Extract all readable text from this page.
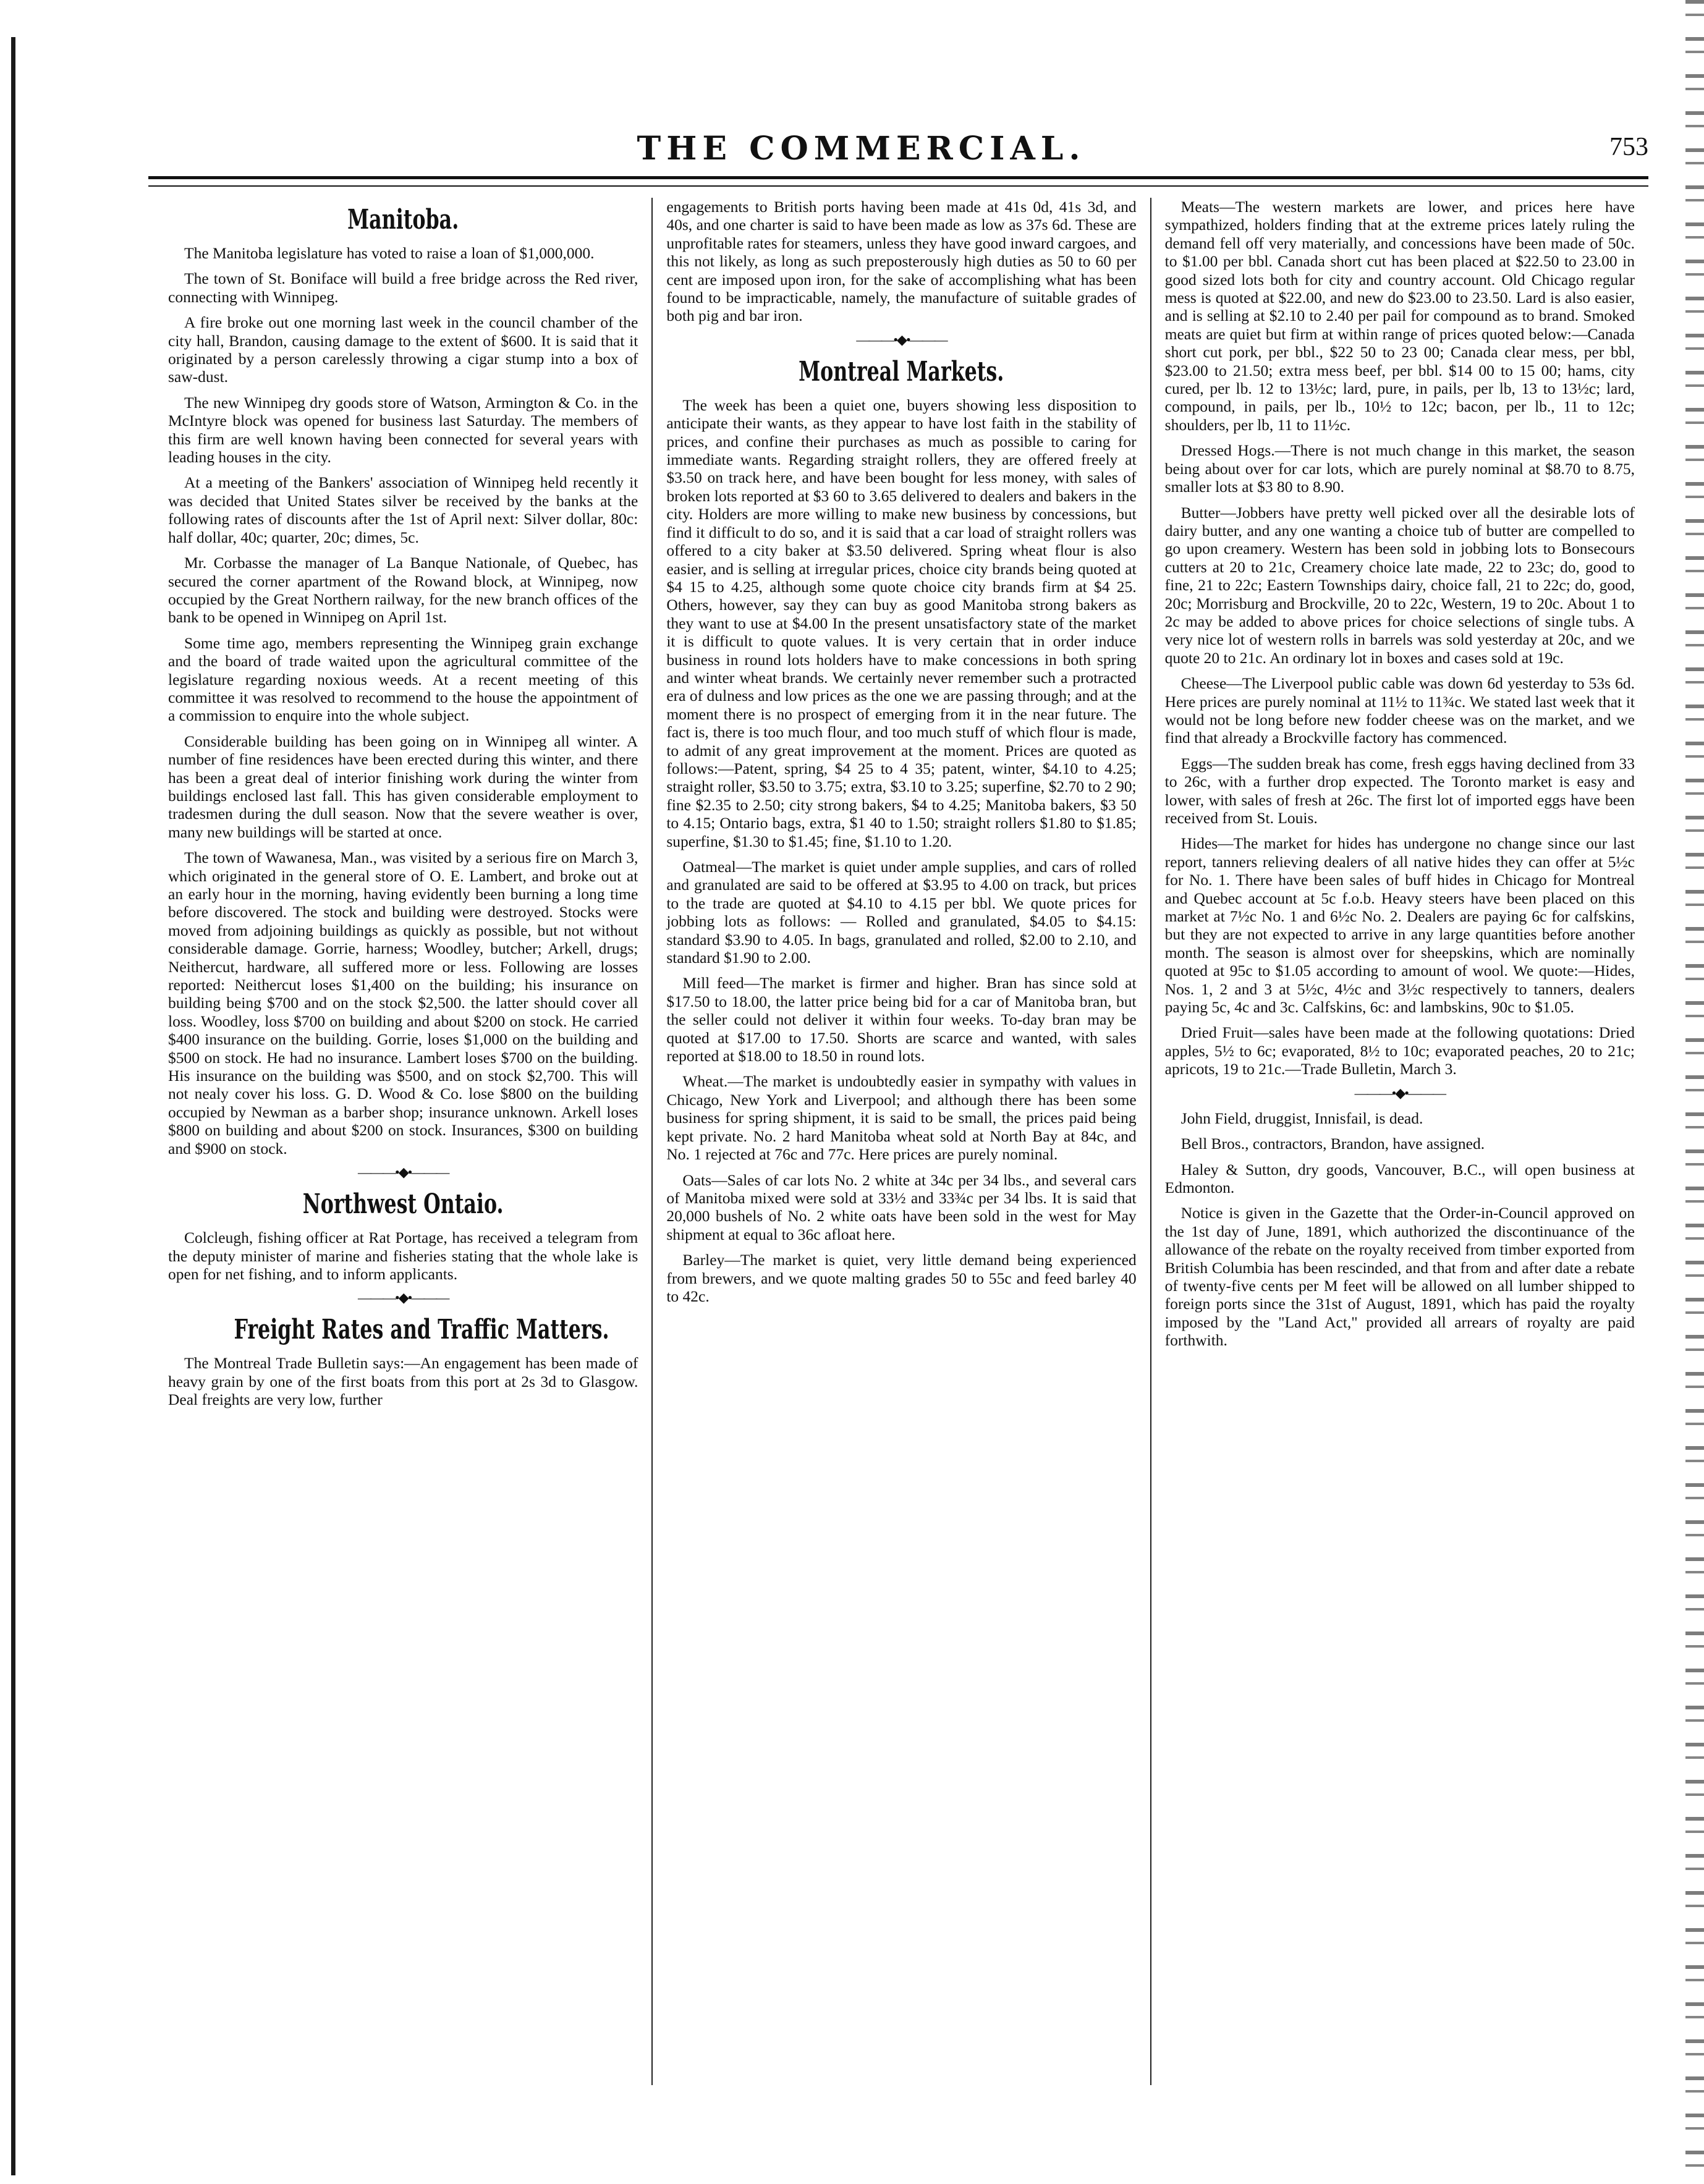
THE COMMERCIAL.	753
Manitoba.

The Manitoba legislature has voted to raise a loan of $1,000,000.

The town of St. Boniface will build a free bridge across the Red river, connecting with Winnipeg.

A fire broke out one morning last week in the council chamber of the city hall, Brandon, causing damage to the extent of $600. It is said that it originated by a person carelessly throwing a cigar stump into a box of saw-dust.

The new Winnipeg dry goods store of Watson, Armington & Co. in the McIntyre block was opened for business last Saturday. The members of this firm are well known having been connected for several years with leading houses in the city.

At a meeting of the Bankers' association of Winnipeg held recently it was decided that United States silver be received by the banks at the following rates of discounts after the 1st of April next: Silver dollar, 80c: half dollar, 40c; quarter, 20c; dimes, 5c.

Mr. Corbasse the manager of La Banque Nationale, of Quebec, has secured the corner apartment of the Rowand block, at Winnipeg, now occupied by the Great Northern railway, for the new branch offices of the bank to be opened in Winnipeg on April 1st.

Some time ago, members representing the Winnipeg grain exchange and the board of trade waited upon the agricultural committee of the legislature regarding noxious weeds. At a recent meeting of this committee it was resolved to recommend to the house the appointment of a commission to enquire into the whole subject.

Considerable building has been going on in Winnipeg all winter. A number of fine residences have been erected during this winter, and there has been a great deal of interior finishing work during the winter from buildings enclosed last fall. This has given considerable employment to tradesmen during the dull season. Now that the severe weather is over, many new buildings will be started at once.

The town of Wawanesa, Man., was visited by a serious fire on March 3, which originated in the general store of O. E. Lambert, and broke out at an early hour in the morning, having evidently been burning a long time before discovered. The stock and building were destroyed. Stocks were moved from adjoining buildings as quickly as possible, but not without considerable damage. Gorrie, harness; Woodley, butcher; Arkell, drugs; Neithercut, hardware, all suffered more or less. Following are losses reported: Neithercut loses $1,400 on the building; his insurance on building being $700 and on the stock $2,500. the latter should cover all loss. Woodley, loss $700 on building and about $200 on stock. He carried $400 insurance on the building. Gorrie, loses $1,000 on the building and $500 on stock. He had no insurance. Lambert loses $700 on the building. His insurance on the building was $500, and on stock $2,700. This will not nealy cover his loss. G. D. Wood & Co. lose $800 on the building occupied by Newman as a barber shop; insurance unknown. Arkell loses $800 on building and about $200 on stock. Insurances, $300 on building and $900 on stock.

———•◆•———
Northwest Ontaio.

Colcleugh, fishing officer at Rat Portage, has received a telegram from the deputy minister of marine and fisheries stating that the whole lake is open for net fishing, and to inform applicants.

———•◆•———
Freight Rates and Traffic Matters.

The Montreal Trade Bulletin says:—An engagement has been made of heavy grain by one of the first boats from this port at 2s 3d to Glasgow. Deal freights are very low, further

engagements to British ports having been made at 41s 0d, 41s 3d, and 40s, and one charter is said to have been made as low as 37s 6d. These are unprofitable rates for steamers, unless they have good inward cargoes, and this not likely, as long as such preposterously high duties as 50 to 60 per cent are imposed upon iron, for the sake of accomplishing what has been found to be impracticable, namely, the manufacture of suitable grades of both pig and bar iron.

———•◆•———
Montreal Markets.

The week has been a quiet one, buyers showing less disposition to anticipate their wants, as they appear to have lost faith in the stability of prices, and confine their purchases as much as possible to caring for immediate wants. Regarding straight rollers, they are offered freely at $3.50 on track here, and have been bought for less money, with sales of broken lots reported at $3 60 to 3.65 delivered to dealers and bakers in the city. Holders are more willing to make new business by concessions, but find it difficult to do so, and it is said that a car load of straight rollers was offered to a city baker at $3.50 delivered. Spring wheat flour is also easier, and is selling at irregular prices, choice city brands being quoted at $4 15 to 4.25, although some quote choice city brands firm at $4 25. Others, however, say they can buy as good Manitoba strong bakers as they want to use at $4.00 In the present unsatisfactory state of the market it is difficult to quote values. It is very certain that in order induce business in round lots holders have to make concessions in both spring and winter wheat brands. We certainly never remember such a protracted era of dulness and low prices as the one we are passing through; and at the moment there is no prospect of emerging from it in the near future. The fact is, there is too much flour, and too much stuff of which flour is made, to admit of any great improvement at the moment. Prices are quoted as follows:—Patent, spring, $4 25 to 4 35; patent, winter, $4.10 to 4.25; straight roller, $3.50 to 3.75; extra, $3.10 to 3.25; superfine, $2.70 to 2 90; fine $2.35 to 2.50; city strong bakers, $4 to 4.25; Manitoba bakers, $3 50 to 4.15; Ontario bags, extra, $1 40 to 1.50; straight rollers $1.80 to $1.85; superfine, $1.30 to $1.45; fine, $1.10 to 1.20.

Oatmeal—The market is quiet under ample supplies, and cars of rolled and granulated are said to be offered at $3.95 to 4.00 on track, but prices to the trade are quoted at $4.10 to 4.15 per bbl. We quote prices for jobbing lots as follows: — Rolled and granulated, $4.05 to $4.15: standard $3.90 to 4.05. In bags, granulated and rolled, $2.00 to 2.10, and standard $1.90 to 2.00.

Mill feed—The market is firmer and higher. Bran has since sold at $17.50 to 18.00, the latter price being bid for a car of Manitoba bran, but the seller could not deliver it within four weeks. To-day bran may be quoted at $17.00 to 17.50. Shorts are scarce and wanted, with sales reported at $18.00 to 18.50 in round lots.

Wheat.—The market is undoubtedly easier in sympathy with values in Chicago, New York and Liverpool; and although there has been some business for spring shipment, it is said to be small, the prices paid being kept private. No. 2 hard Manitoba wheat sold at North Bay at 84c, and No. 1 rejected at 76c and 77c. Here prices are purely nominal.

Oats—Sales of car lots No. 2 white at 34c per 34 lbs., and several cars of Manitoba mixed were sold at 33½ and 33¾c per 34 lbs. It is said that 20,000 bushels of No. 2 white oats have been sold in the west for May shipment at equal to 36c afloat here.

Barley—The market is quiet, very little demand being experienced from brewers, and we quote malting grades 50 to 55c and feed barley 40 to 42c.

Meats—The western markets are lower, and prices here have sympathized, holders finding that at the extreme prices lately ruling the demand fell off very materially, and concessions have been made of 50c. to $1.00 per bbl. Canada short cut has been placed at $22.50 to 23.00 in good sized lots both for city and country account. Old Chicago regular mess is quoted at $22.00, and new do $23.00 to 23.50. Lard is also easier, and is selling at $2.10 to 2.40 per pail for compound as to brand. Smoked meats are quiet but firm at within range of prices quoted below:—Canada short cut pork, per bbl., $22 50 to 23 00; Canada clear mess, per bbl, $23.00 to 21.50; extra mess beef, per bbl. $14 00 to 15 00; hams, city cured, per lb. 12 to 13½c; lard, pure, in pails, per lb, 13 to 13½c; lard, compound, in pails, per lb., 10½ to 12c; bacon, per lb., 11 to 12c; shoulders, per lb, 11 to 11½c.

Dressed Hogs.—There is not much change in this market, the season being about over for car lots, which are purely nominal at $8.70 to 8.75, smaller lots at $3 80 to 8.90.

Butter—Jobbers have pretty well picked over all the desirable lots of dairy butter, and any one wanting a choice tub of butter are compelled to go upon creamery. Western has been sold in jobbing lots to Bonsecours cutters at 20 to 21c, Creamery choice late made, 22 to 23c; do, good to fine, 21 to 22c; Eastern Townships dairy, choice fall, 21 to 22c; do, good, 20c; Morrisburg and Brockville, 20 to 22c, Western, 19 to 20c. About 1 to 2c may be added to above prices for choice selections of single tubs. A very nice lot of western rolls in barrels was sold yesterday at 20c, and we quote 20 to 21c. An ordinary lot in boxes and cases sold at 19c.

Cheese—The Liverpool public cable was down 6d yesterday to 53s 6d. Here prices are purely nominal at 11½ to 11¾c. We stated last week that it would not be long before new fodder cheese was on the market, and we find that already a Brockville factory has commenced.

Eggs—The sudden break has come, fresh eggs having declined from 33 to 26c, with a further drop expected. The Toronto market is easy and lower, with sales of fresh at 26c. The first lot of imported eggs have been received from St. Louis.

Hides—The market for hides has undergone no change since our last report, tanners relieving dealers of all native hides they can offer at 5½c for No. 1. There have been sales of buff hides in Chicago for Montreal and Quebec account at 5c f.o.b. Heavy steers have been placed on this market at 7½c No. 1 and 6½c No. 2. Dealers are paying 6c for calfskins, but they are not expected to arrive in any large quantities before another month. The season is almost over for sheepskins, which are nominally quoted at 95c to $1.05 according to amount of wool. We quote:—Hides, Nos. 1, 2 and 3 at 5½c, 4½c and 3½c respectively to tanners, dealers paying 5c, 4c and 3c. Calfskins, 6c: and lambskins, 90c to $1.05.

Dried Fruit—sales have been made at the following quotations: Dried apples, 5½ to 6c; evaporated, 8½ to 10c; evaporated peaches, 20 to 21c; apricots, 19 to 21c.—Trade Bulletin, March 3.

———•◆•———

John Field, druggist, Innisfail, is dead.

Bell Bros., contractors, Brandon, have assigned.

Haley & Sutton, dry goods, Vancouver, B.C., will open business at Edmonton.

Notice is given in the Gazette that the Order-in-Council approved on the 1st day of June, 1891, which authorized the discontinuance of the allowance of the rebate on the royalty received from timber exported from British Columbia has been rescinded, and that from and after date a rebate of twenty-five cents per M feet will be allowed on all lumber shipped to foreign ports since the 31st of August, 1891, which has paid the royalty imposed by the "Land Act," provided all arrears of royalty are paid forthwith.
